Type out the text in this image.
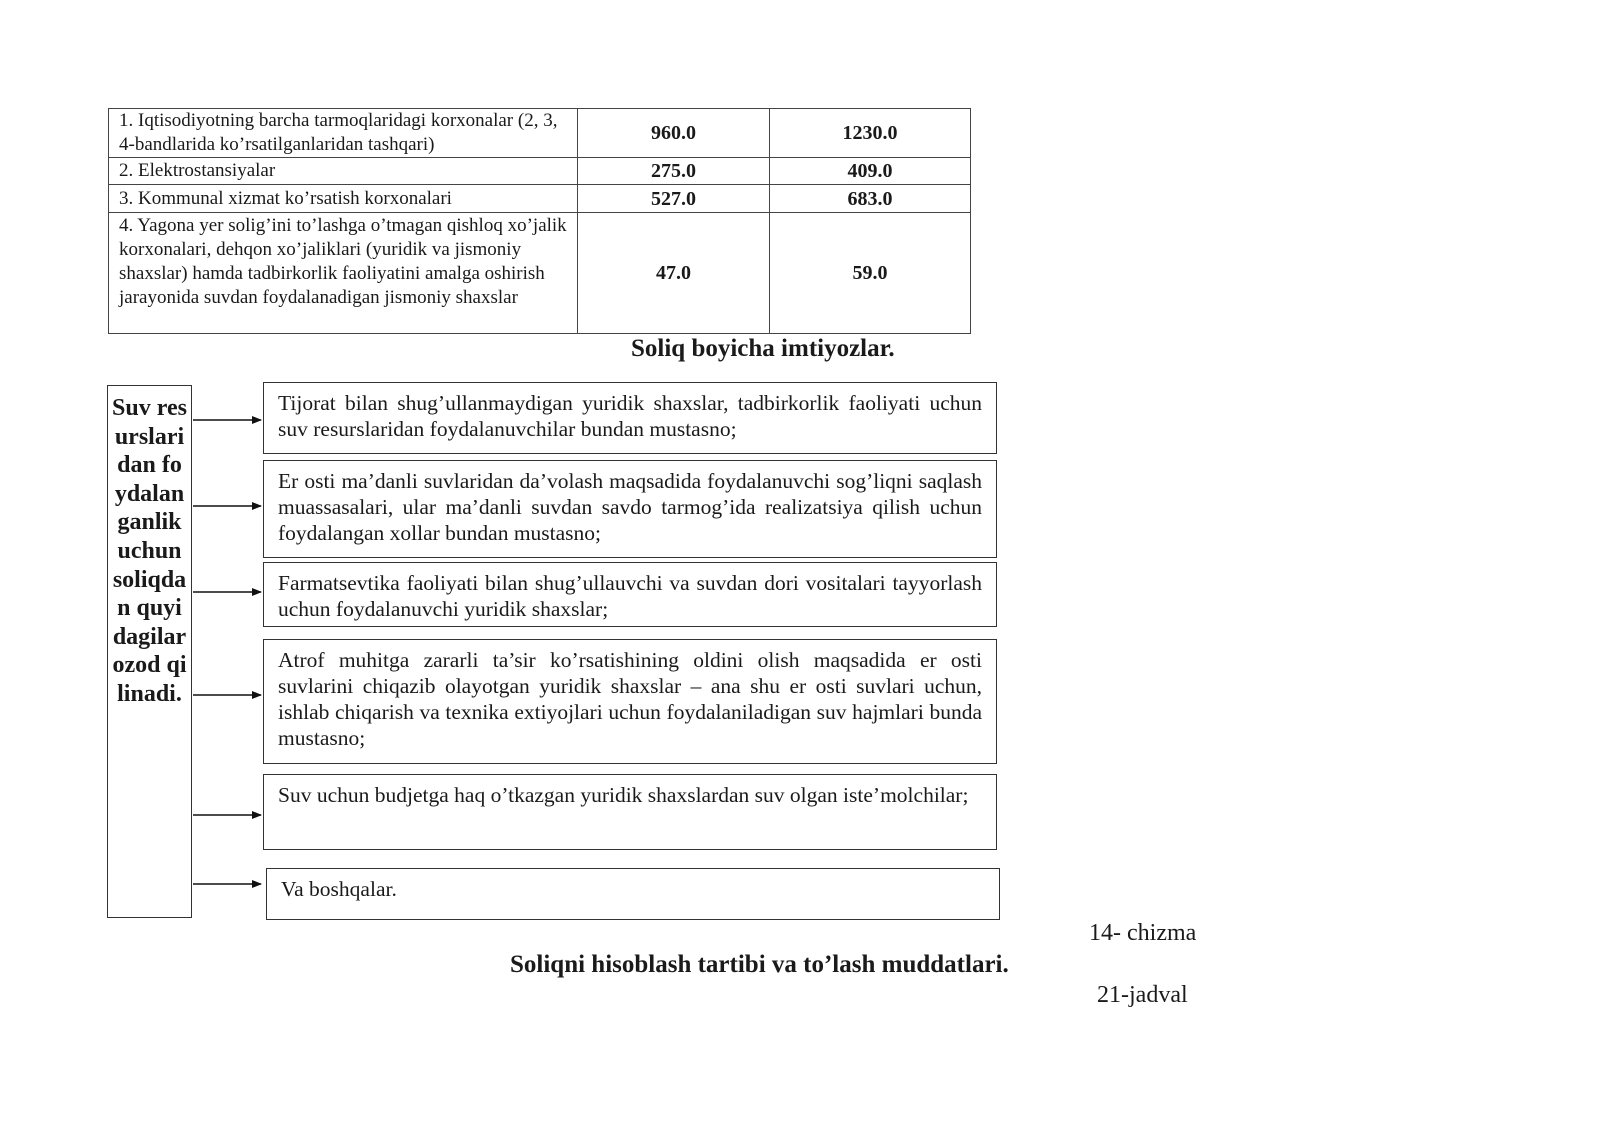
1. Iqtisodiyotning barcha tarmoqlaridagi korxonalar (2, 3, 4-bandlarida ko’rsatilganlaridan tashqari)	960.0	1230.0
2. Elektrostansiyalar	275.0	409.0
3. Kommunal xizmat ko’rsatish korxonalari	527.0	683.0
4. Yagona yer solig’ini to’lashga o’tmagan qishloq xo’jalik korxonalari, dehqon xo’jaliklari (yuridik va jismoniy shaxslar) hamda tadbirkorlik faoliyatini amalga oshirish jarayonida suvdan foydalanadigan jismoniy shaxslar	47.0	59.0
Soliq boyicha imtiyozlar.
Suv resurslaridan foydalanganlik uchun soliqdan quyidagilar ozod qilinadi.
Tijorat bilan shug’ullanmaydigan yuridik shaxslar, tadbirkorlik faoliyati uchun suv resurslaridan foydalanuvchilar bundan mustasno;
Er osti ma’danli suvlaridan da’volash maqsadida foydalanuvchi sog’liqni saqlash muassasalari, ular ma’danli suvdan savdo tarmog’ida realizatsiya qilish uchun foydalangan xollar bundan mustasno;
Farmatsevtika faoliyati bilan shug’ullauvchi va suvdan dori vositalari tayyorlash uchun foydalanuvchi yuridik shaxslar;
Atrof muhitga zararli ta’sir ko’rsatishining oldini olish maqsadida er osti suvlarini chiqazib olayotgan yuridik shaxslar – ana shu er osti suvlari uchun, ishlab chiqarish va texnika extiyojlari uchun foydalaniladigan suv hajmlari bunda mustasno;
Suv uchun budjetga haq o’tkazgan yuridik shaxslardan suv olgan iste’molchilar;
Va boshqalar.
14- chizma
Soliqni hisoblash tartibi va to’lash muddatlari.
21-jadval
